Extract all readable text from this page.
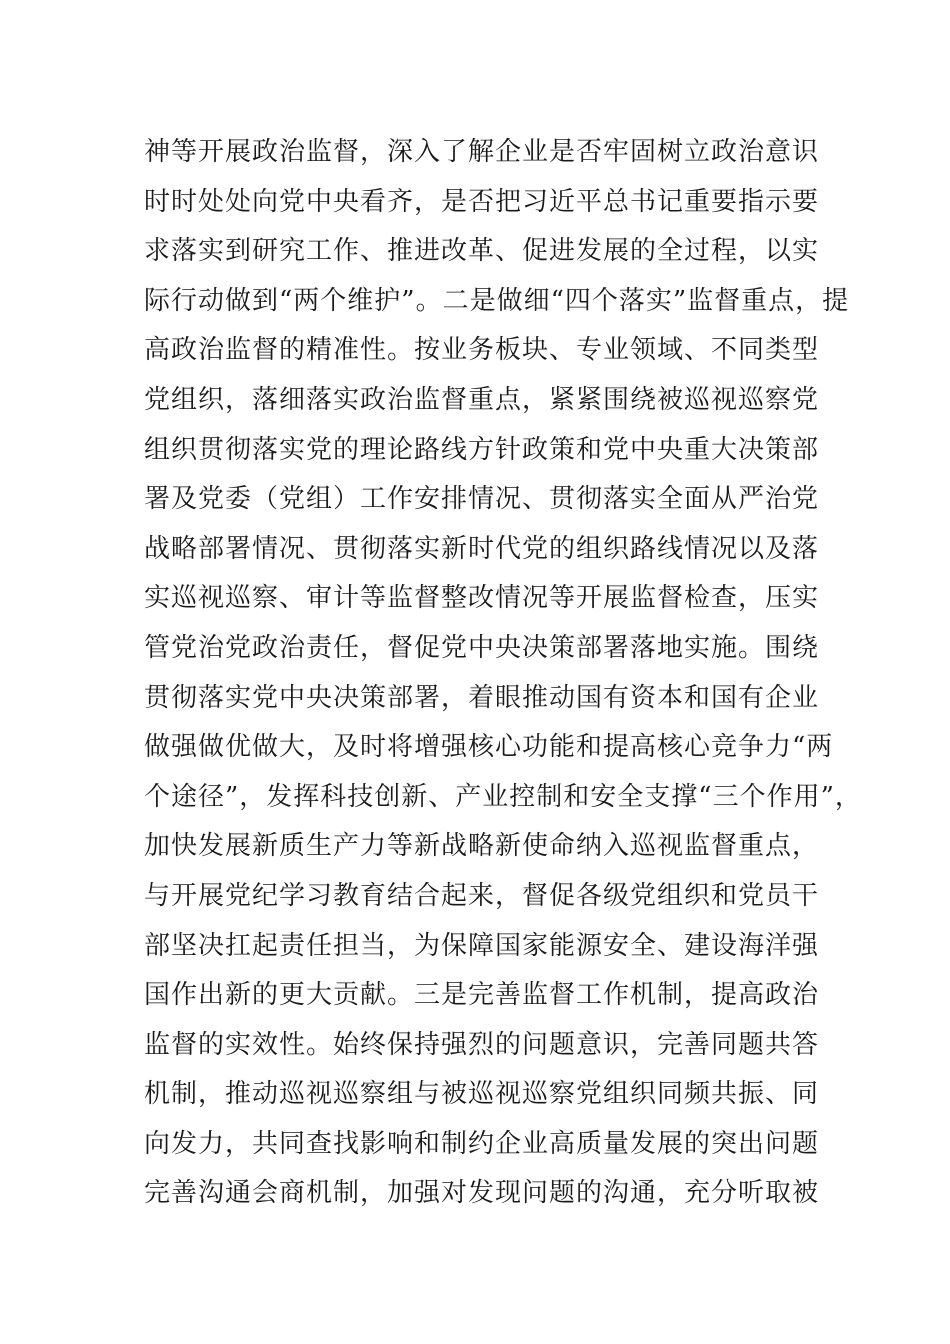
神等开展政治监督，深入了解企业是否牢固树立政治意识
时时处处向党中央看齐，是否把习近平总书记重要指示要
求落实到研究工作、推进改革、促进发展的全过程，以实
际行动做到“两个维护”。二是做细“四个落实”监督重点，提
高政治监督的精准性。按业务板块、专业领域、不同类型
党组织，落细落实政治监督重点，紧紧围绕被巡视巡察党
组织贯彻落实党的理论路线方针政策和党中央重大决策部
署及党委（党组）工作安排情况、贯彻落实全面从严治党
战略部署情况、贯彻落实新时代党的组织路线情况以及落
实巡视巡察、审计等监督整改情况等开展监督检查，压实
管党治党政治责任，督促党中央决策部署落地实施。围绕
贯彻落实党中央决策部署，着眼推动国有资本和国有企业
做强做优做大，及时将增强核心功能和提高核心竞争力“两
个途径”，发挥科技创新、产业控制和安全支撑“三个作用”，
加快发展新质生产力等新战略新使命纳入巡视监督重点，
与开展党纪学习教育结合起来，督促各级党组织和党员干
部坚决扛起责任担当，为保障国家能源安全、建设海洋强
国作出新的更大贡献。三是完善监督工作机制，提高政治
监督的实效性。始终保持强烈的问题意识，完善同题共答
机制，推动巡视巡察组与被巡视巡察党组织同频共振、同
向发力，共同查找影响和制约企业高质量发展的突出问题
完善沟通会商机制，加强对发现问题的沟通，充分听取被
